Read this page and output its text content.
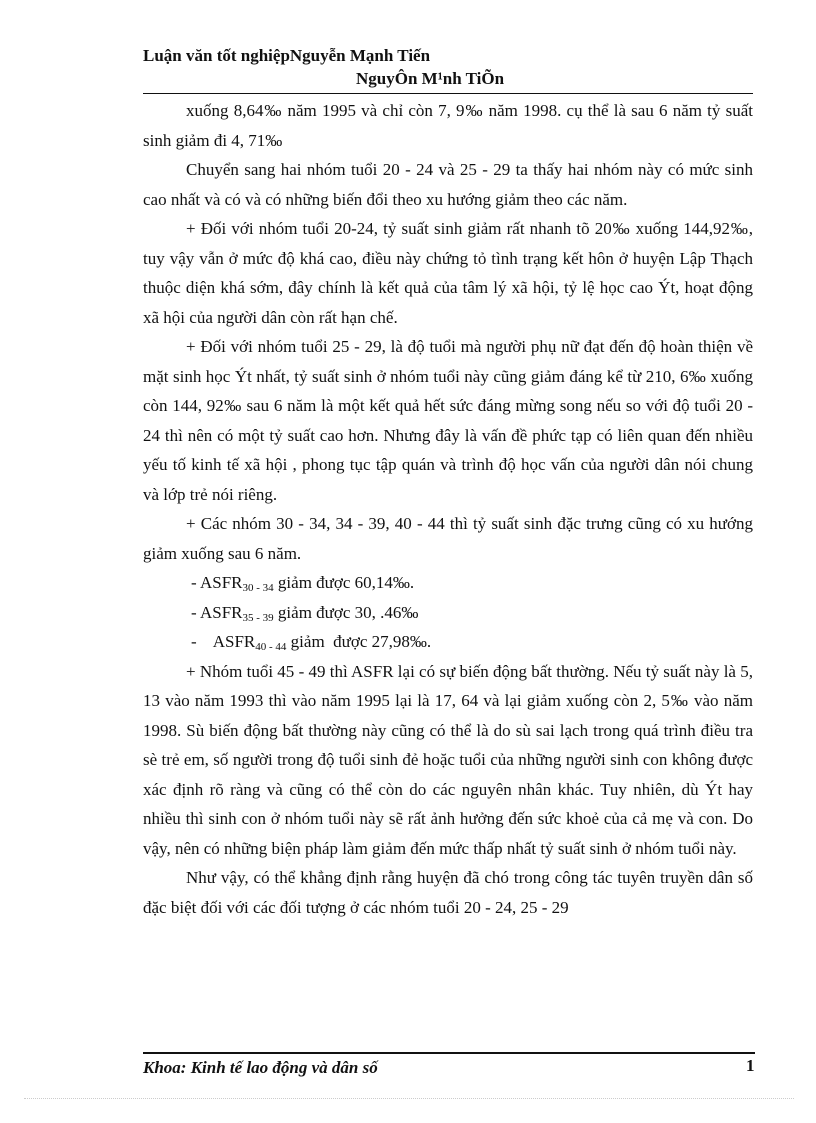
Luận văn tốt nghiệpNguyễn Mạnh Tiến
NguyÔn M¹nh TiÕn

xuống 8,64‰ năm 1995 và chỉ còn 7, 9‰ năm 1998. cụ thể là sau 6 năm tỷ suất sinh giảm đi 4, 71‰

Chuyển sang hai nhóm tuổi 20 - 24 và 25 - 29 ta thấy hai nhóm này có mức sinh cao nhất và có và có những biến đổi theo xu hướng giảm theo các năm.

+ Đối với nhóm tuổi 20-24, tỷ suất sinh giảm rất nhanh tõ 20‰ xuống 144,92‰, tuy vậy vẫn ở mức độ khá cao, điều này chứng tỏ tình trạng kết hôn ở huyện Lập Thạch thuộc diện khá sớm, đây chính là kết quả của tâm lý xã hội, tỷ lệ học cao Ýt, hoạt động xã hội của người dân còn rất hạn chế.

+ Đối với nhóm tuổi 25 - 29, là độ tuổi mà người phụ nữ đạt đến độ hoàn thiện về mặt sinh học Ýt nhất, tỷ suất sinh ở nhóm tuổi này cũng giảm đáng kể từ 210, 6‰ xuống còn 144, 92‰ sau 6 năm là một kết quả hết sức đáng mừng song nếu so với độ tuổi 20 - 24 thì nên có một tỷ suất cao hơn. Nhưng đây là vấn đề phức tạp có liên quan đến nhiều yếu tố kinh tế xã hội , phong tục tập quán và trình độ học vấn của người dân nói chung và lớp trẻ nói riêng.

+ Các nhóm 30 - 34, 34 - 39, 40 - 44 thì tỷ suất sinh đặc trưng cũng có xu hướng giảm xuống sau 6 năm.

- $ASFR_{30 - 34}$ giảm được 60,14‰.

- $ASFR_{35 - 39}$ giảm được 30, .46‰

-    $ASFR_{40 - 44}$ giảm  được 27,98‰.

+ Nhóm tuổi 45 - 49 thì ASFR lại có sự biến động bất thường. Nếu tỷ suất này là 5, 13 vào năm 1993 thì vào năm 1995 lại là 17, 64 và lại giảm xuống còn 2, 5‰ vào năm 1998. Sù biến động bất thường này cũng có thể là do sù sai lạch trong quá trình điều tra sè trẻ em, số người trong độ tuổi sinh đẻ hoặc tuổi của những người sinh con không được xác định rõ ràng và cũng có thể còn do các nguyên nhân khác. Tuy nhiên, dù Ýt hay nhiều thì sinh con ở nhóm tuổi này sẽ rất ảnh hưởng đến sức khoẻ của cả mẹ và con. Do vậy, nên có những biện pháp làm giảm đến mức thấp nhất tỷ suất sinh ở nhóm tuổi này.

Như vậy, có thể khẳng định rằng huyện đã chó trong công tác tuyên truyền dân số đặc biệt đối với các đối tượng ở các nhóm tuổi 20 - 24, 25 - 29

Khoa: Kinh tế lao động và dân số	1
